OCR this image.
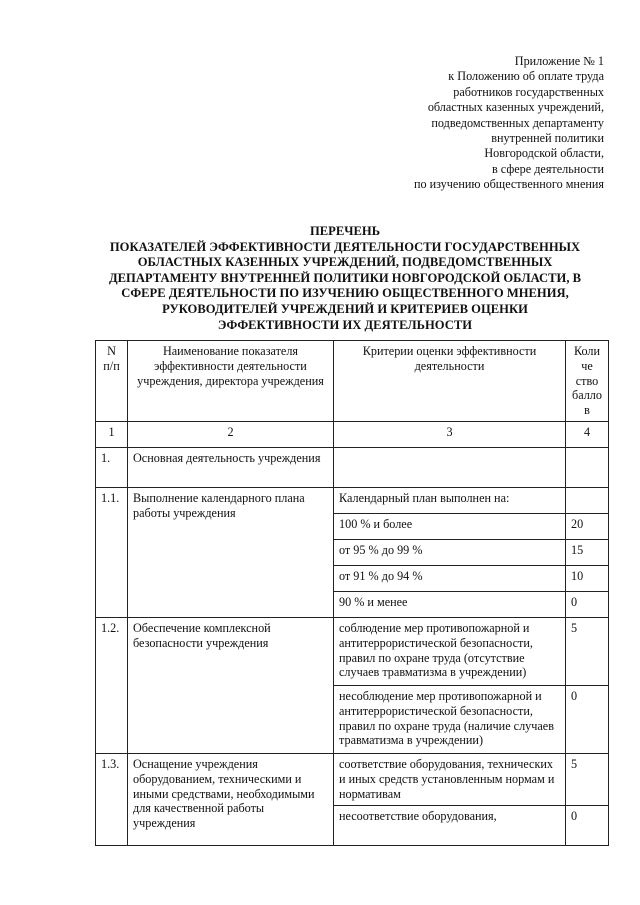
Приложение № 1
к Положению об оплате труда
работников государственных
областных казенных учреждений,
подведомственных департаменту
внутренней политики
Новгородской области,
в сфере деятельности
по изучению общественного мнения
ПЕРЕЧЕНЬ
ПОКАЗАТЕЛЕЙ ЭФФЕКТИВНОСТИ ДЕЯТЕЛЬНОСТИ ГОСУДАРСТВЕННЫХ
ОБЛАСТНЫХ КАЗЕННЫХ УЧРЕЖДЕНИЙ, ПОДВЕДОМСТВЕННЫХ
ДЕПАРТАМЕНТУ ВНУТРЕННЕЙ ПОЛИТИКИ НОВГОРОДСКОЙ ОБЛАСТИ, В
СФЕРЕ ДЕЯТЕЛЬНОСТИ ПО ИЗУЧЕНИЮ ОБЩЕСТВЕННОГО МНЕНИЯ,
РУКОВОДИТЕЛЕЙ УЧРЕЖДЕНИЙ И КРИТЕРИЕВ ОЦЕНКИ
ЭФФЕКТИВНОСТИ ИХ ДЕЯТЕЛЬНОСТИ
N п/п	Наименование показателя эффективности деятельности учреждения, директора учреждения	Критерии оценки эффективности деятельности	Количе ство баллов
1	2	3	4
1.	Основная деятельность учреждения		
1.1.	Выполнение календарного плана работы учреждения	Календарный план выполнен на:	
		100 % и более	20
		от 95 % до 99 %	15
		от 91 % до 94 %	10
		90 % и менее	0
1.2.	Обеспечение комплексной безопасности учреждения	соблюдение мер противопожарной и антитеррористической безопасности, правил по охране труда (отсутствие случаев травматизма в учреждении)	5
		несоблюдение мер противопожарной и антитеррористической безопасности, правил по охране труда (наличие случаев травматизма в учреждении)	0
1.3.	Оснащение учреждения оборудованием, техническими и иными средствами, необходимыми для качественной работы учреждения	соответствие оборудования, технических и иных средств установленным нормам и нормативам	5
		несоответствие оборудования,	0
